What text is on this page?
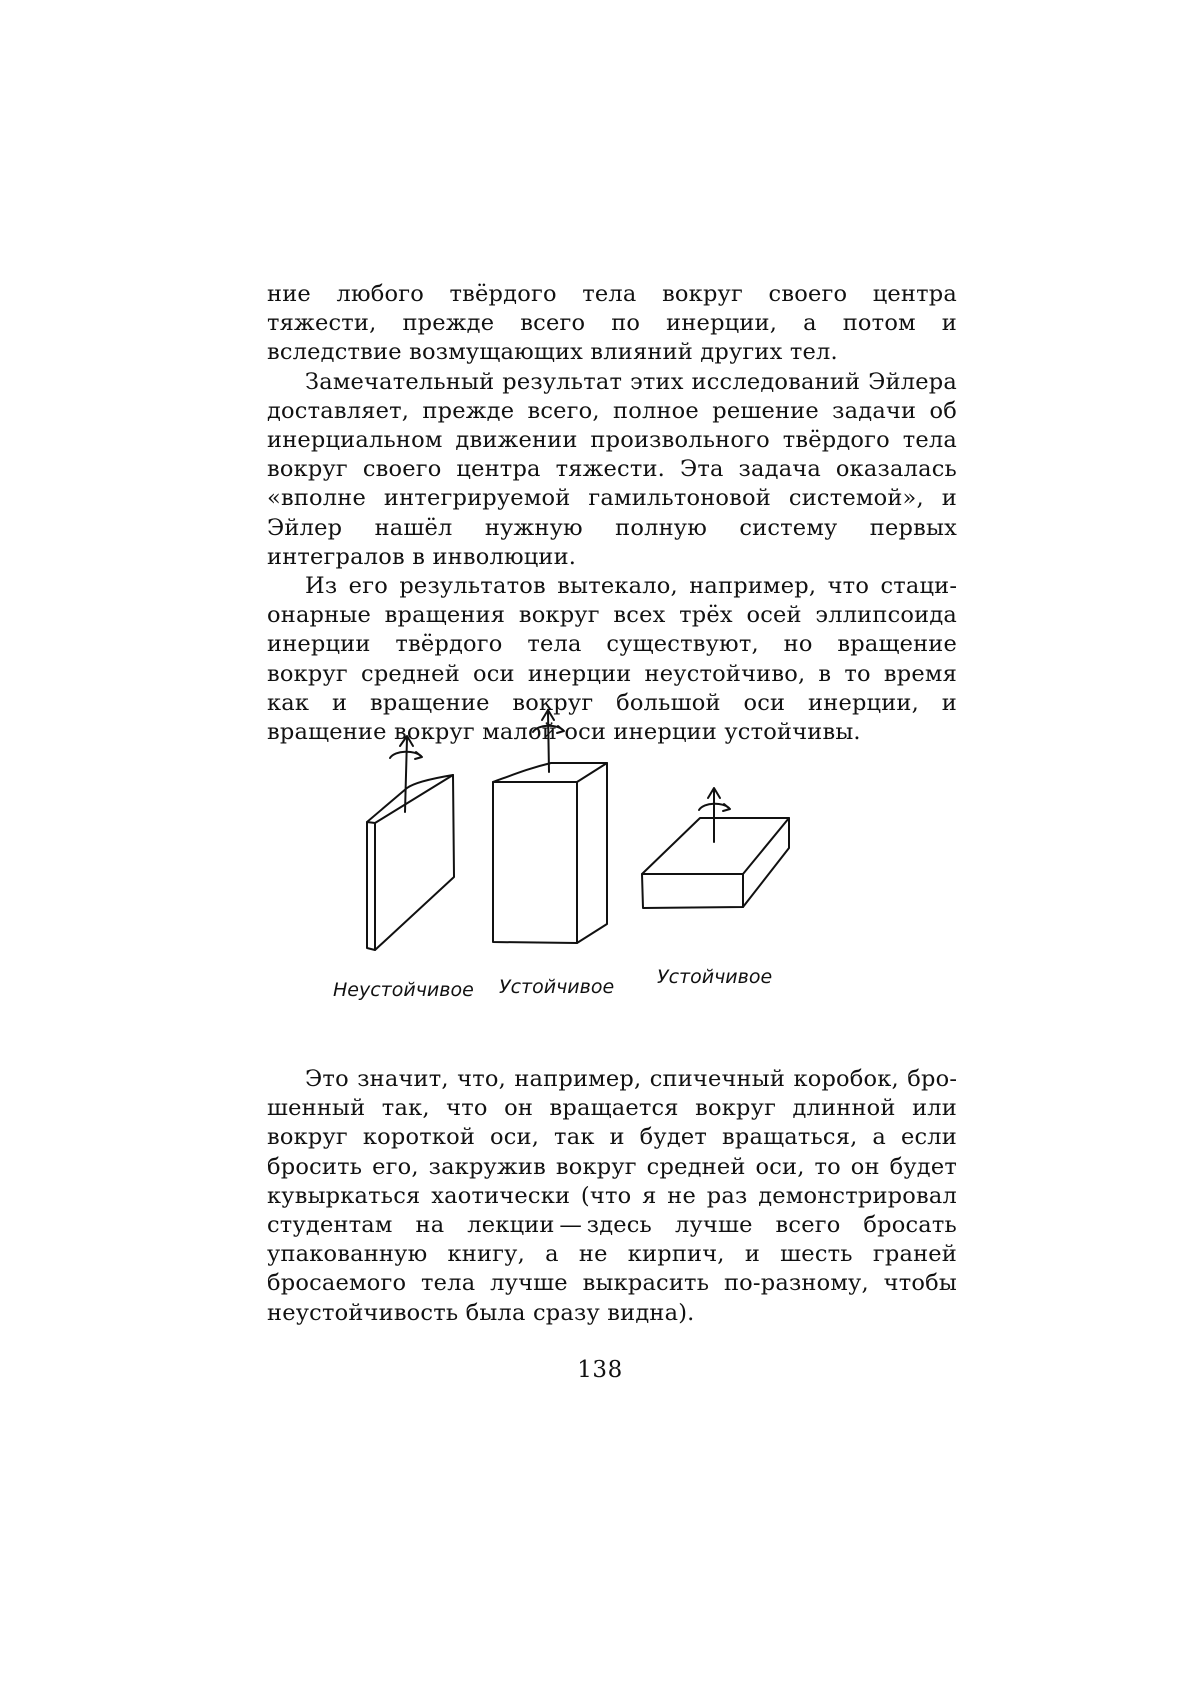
ние любого твёрдого тела вокруг своего центра тяжести, прежде всего по инерции, а потом и вследствие возмущающих влияний других тел.

Замечательный результат этих исследований Эйлера доставляет, прежде всего, полное решение задачи об инерциальном движении произвольного твёрдого тела вокруг своего центра тяжести. Эта задача оказалась «вполне интегрируемой гамильтоновой системой», и Эйлер нашёл нужную полную систему первых интегралов в инволюции.

Из его результатов вытекало, например, что стационарные вращения вокруг всех трёх осей эллипсоида инерции твёрдого тела существуют, но вращение вокруг средней оси инерции неустойчиво, в то время как и вращение вокруг большой оси инерции, и вращение вокруг малой оси инерции устойчивы.

Неустойчивое Устойчивое Устойчивое

Это значит, что, например, спичечный коробок, брошенный так, что он вращается вокруг длинной или вокруг короткой оси, так и будет вращаться, а если бросить его, закружив вокруг средней оси, то он будет кувыркаться хаотически (что я не раз демонстрировал студентам на лекции — здесь лучше всего бросать упакованную книгу, а не кирпич, и шесть граней бросаемого тела лучше выкрасить по-разному, чтобы неустойчивость была сразу видна).

138
